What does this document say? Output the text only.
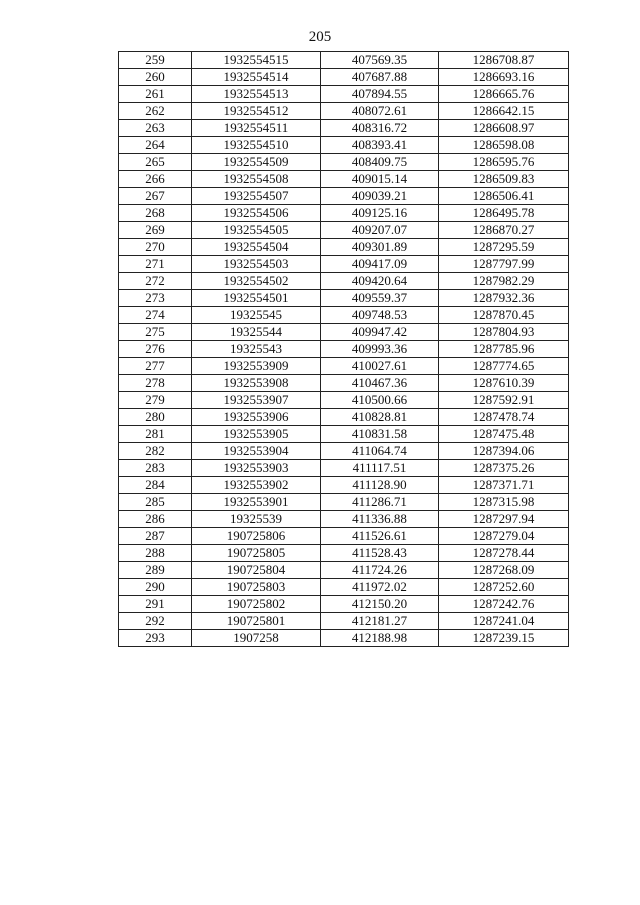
205
259	1932554515	407569.35	1286708.87
260	1932554514	407687.88	1286693.16
261	1932554513	407894.55	1286665.76
262	1932554512	408072.61	1286642.15
263	1932554511	408316.72	1286608.97
264	1932554510	408393.41	1286598.08
265	1932554509	408409.75	1286595.76
266	1932554508	409015.14	1286509.83
267	1932554507	409039.21	1286506.41
268	1932554506	409125.16	1286495.78
269	1932554505	409207.07	1286870.27
270	1932554504	409301.89	1287295.59
271	1932554503	409417.09	1287797.99
272	1932554502	409420.64	1287982.29
273	1932554501	409559.37	1287932.36
274	19325545	409748.53	1287870.45
275	19325544	409947.42	1287804.93
276	19325543	409993.36	1287785.96
277	1932553909	410027.61	1287774.65
278	1932553908	410467.36	1287610.39
279	1932553907	410500.66	1287592.91
280	1932553906	410828.81	1287478.74
281	1932553905	410831.58	1287475.48
282	1932553904	411064.74	1287394.06
283	1932553903	411117.51	1287375.26
284	1932553902	411128.90	1287371.71
285	1932553901	411286.71	1287315.98
286	19325539	411336.88	1287297.94
287	190725806	411526.61	1287279.04
288	190725805	411528.43	1287278.44
289	190725804	411724.26	1287268.09
290	190725803	411972.02	1287252.60
291	190725802	412150.20	1287242.76
292	190725801	412181.27	1287241.04
293	1907258	412188.98	1287239.15
